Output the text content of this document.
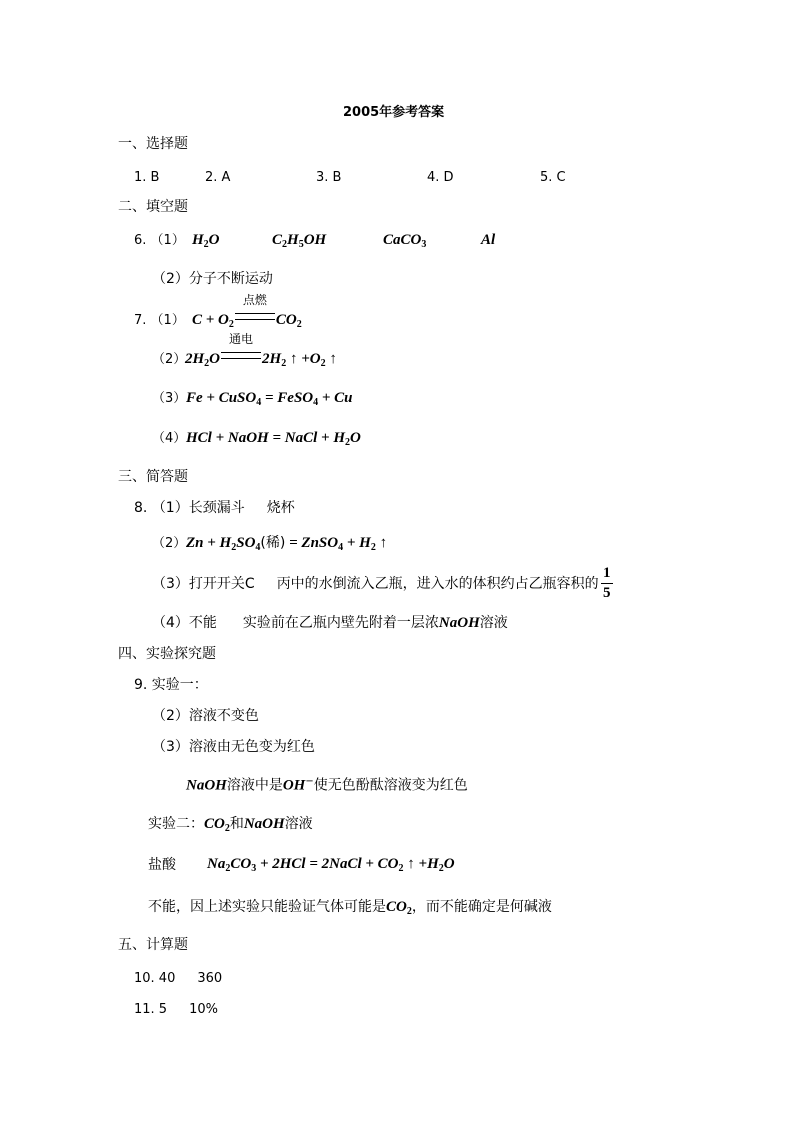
2005年参考答案
一、选择题
1. B	2. A	3. B	4. D	5. C
二、填空题
6. （1） $H_2O$	$C_2H_5OH$	CaCO$_3$	Al
（2）分子不断运动
7. （1） $C + O_2$
点燃
$CO_2$
（2）
$2H_2O$
通电
$2H_2$ ↑ $+O_2$ ↑
（3） Fe + CuSO$_4$ = FeSO$_4$ + Cu
（4） HCl + NaOH = NaCl + $H_2O$
三、简答题
8. （1）长颈漏斗 烧杯
（2） $Zn + H_2SO_4$(稀) = ZnSO$_4$ + $H_2$ ↑
（3）打开开关C 丙中的水倒流入乙瓶，进入水的体积约占乙瓶容积的 $\frac{1}{5}$
（4）不能 实验前在乙瓶内壁先附着一层浓NaOH溶液
四、实验探究题
9. 实验一：
（2）溶液不变色
（3）溶液由无色变为红色
NaOH溶液中是OH−使无色酚酞溶液变为红色
实验二：$CO_2$和NaOH溶液
盐酸 $Na_2CO_3 + 2HCl$ = 2NaCl + $CO_2$ ↑ $+H_2O$
不能，因上述实验只能验证气体可能是$CO_2$，而不能确定是何碱液
五、计算题
10. 40 360
11. 5 10%
